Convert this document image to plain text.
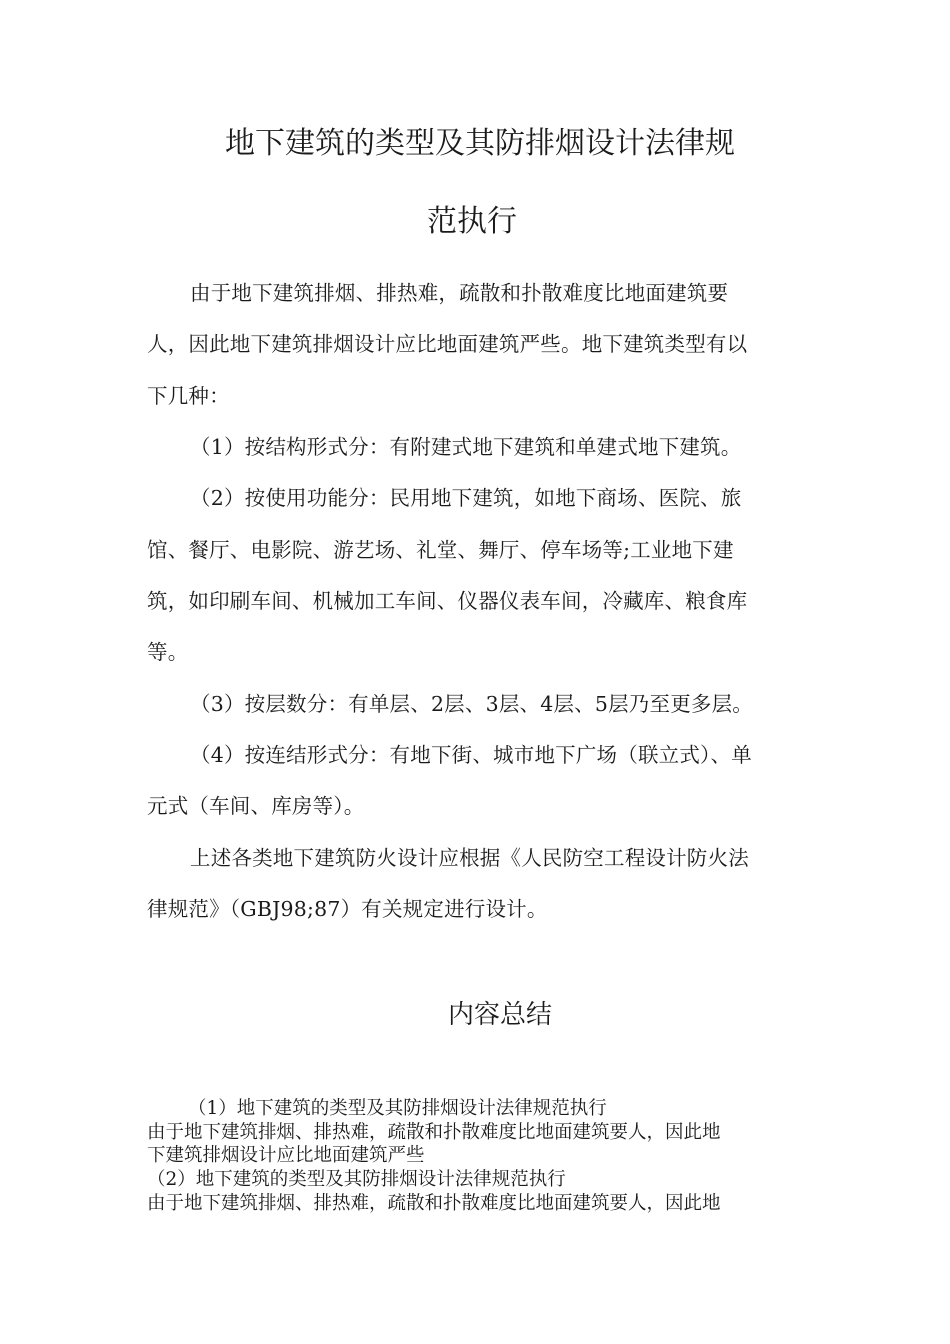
地下建筑的类型及其防排烟设计法律规
范执行
由于地下建筑排烟、排热难，疏散和扑散难度比地面建筑要
人，因此地下建筑排烟设计应比地面建筑严些。地下建筑类型有以
下几种：
（1）按结构形式分：有附建式地下建筑和单建式地下建筑。
（2）按使用功能分：民用地下建筑，如地下商场、医院、旅
馆、餐厅、电影院、游艺场、礼堂、舞厅、停车场等;工业地下建
筑，如印刷车间、机械加工车间、仪器仪表车间，冷藏库、粮食库
等。
（3）按层数分：有单层、2层、3层、4层、5层乃至更多层。
（4）按连结形式分：有地下街、城市地下广场（联立式）、单
元式（车间、库房等）。
上述各类地下建筑防火设计应根据《人民防空工程设计防火法
律规范》（GBJ98;87）有关规定进行设计。
内容总结
（1）地下建筑的类型及其防排烟设计法律规范执行
由于地下建筑排烟、排热难，疏散和扑散难度比地面建筑要人，因此地
下建筑排烟设计应比地面建筑严些
（2）地下建筑的类型及其防排烟设计法律规范执行
由于地下建筑排烟、排热难，疏散和扑散难度比地面建筑要人，因此地
